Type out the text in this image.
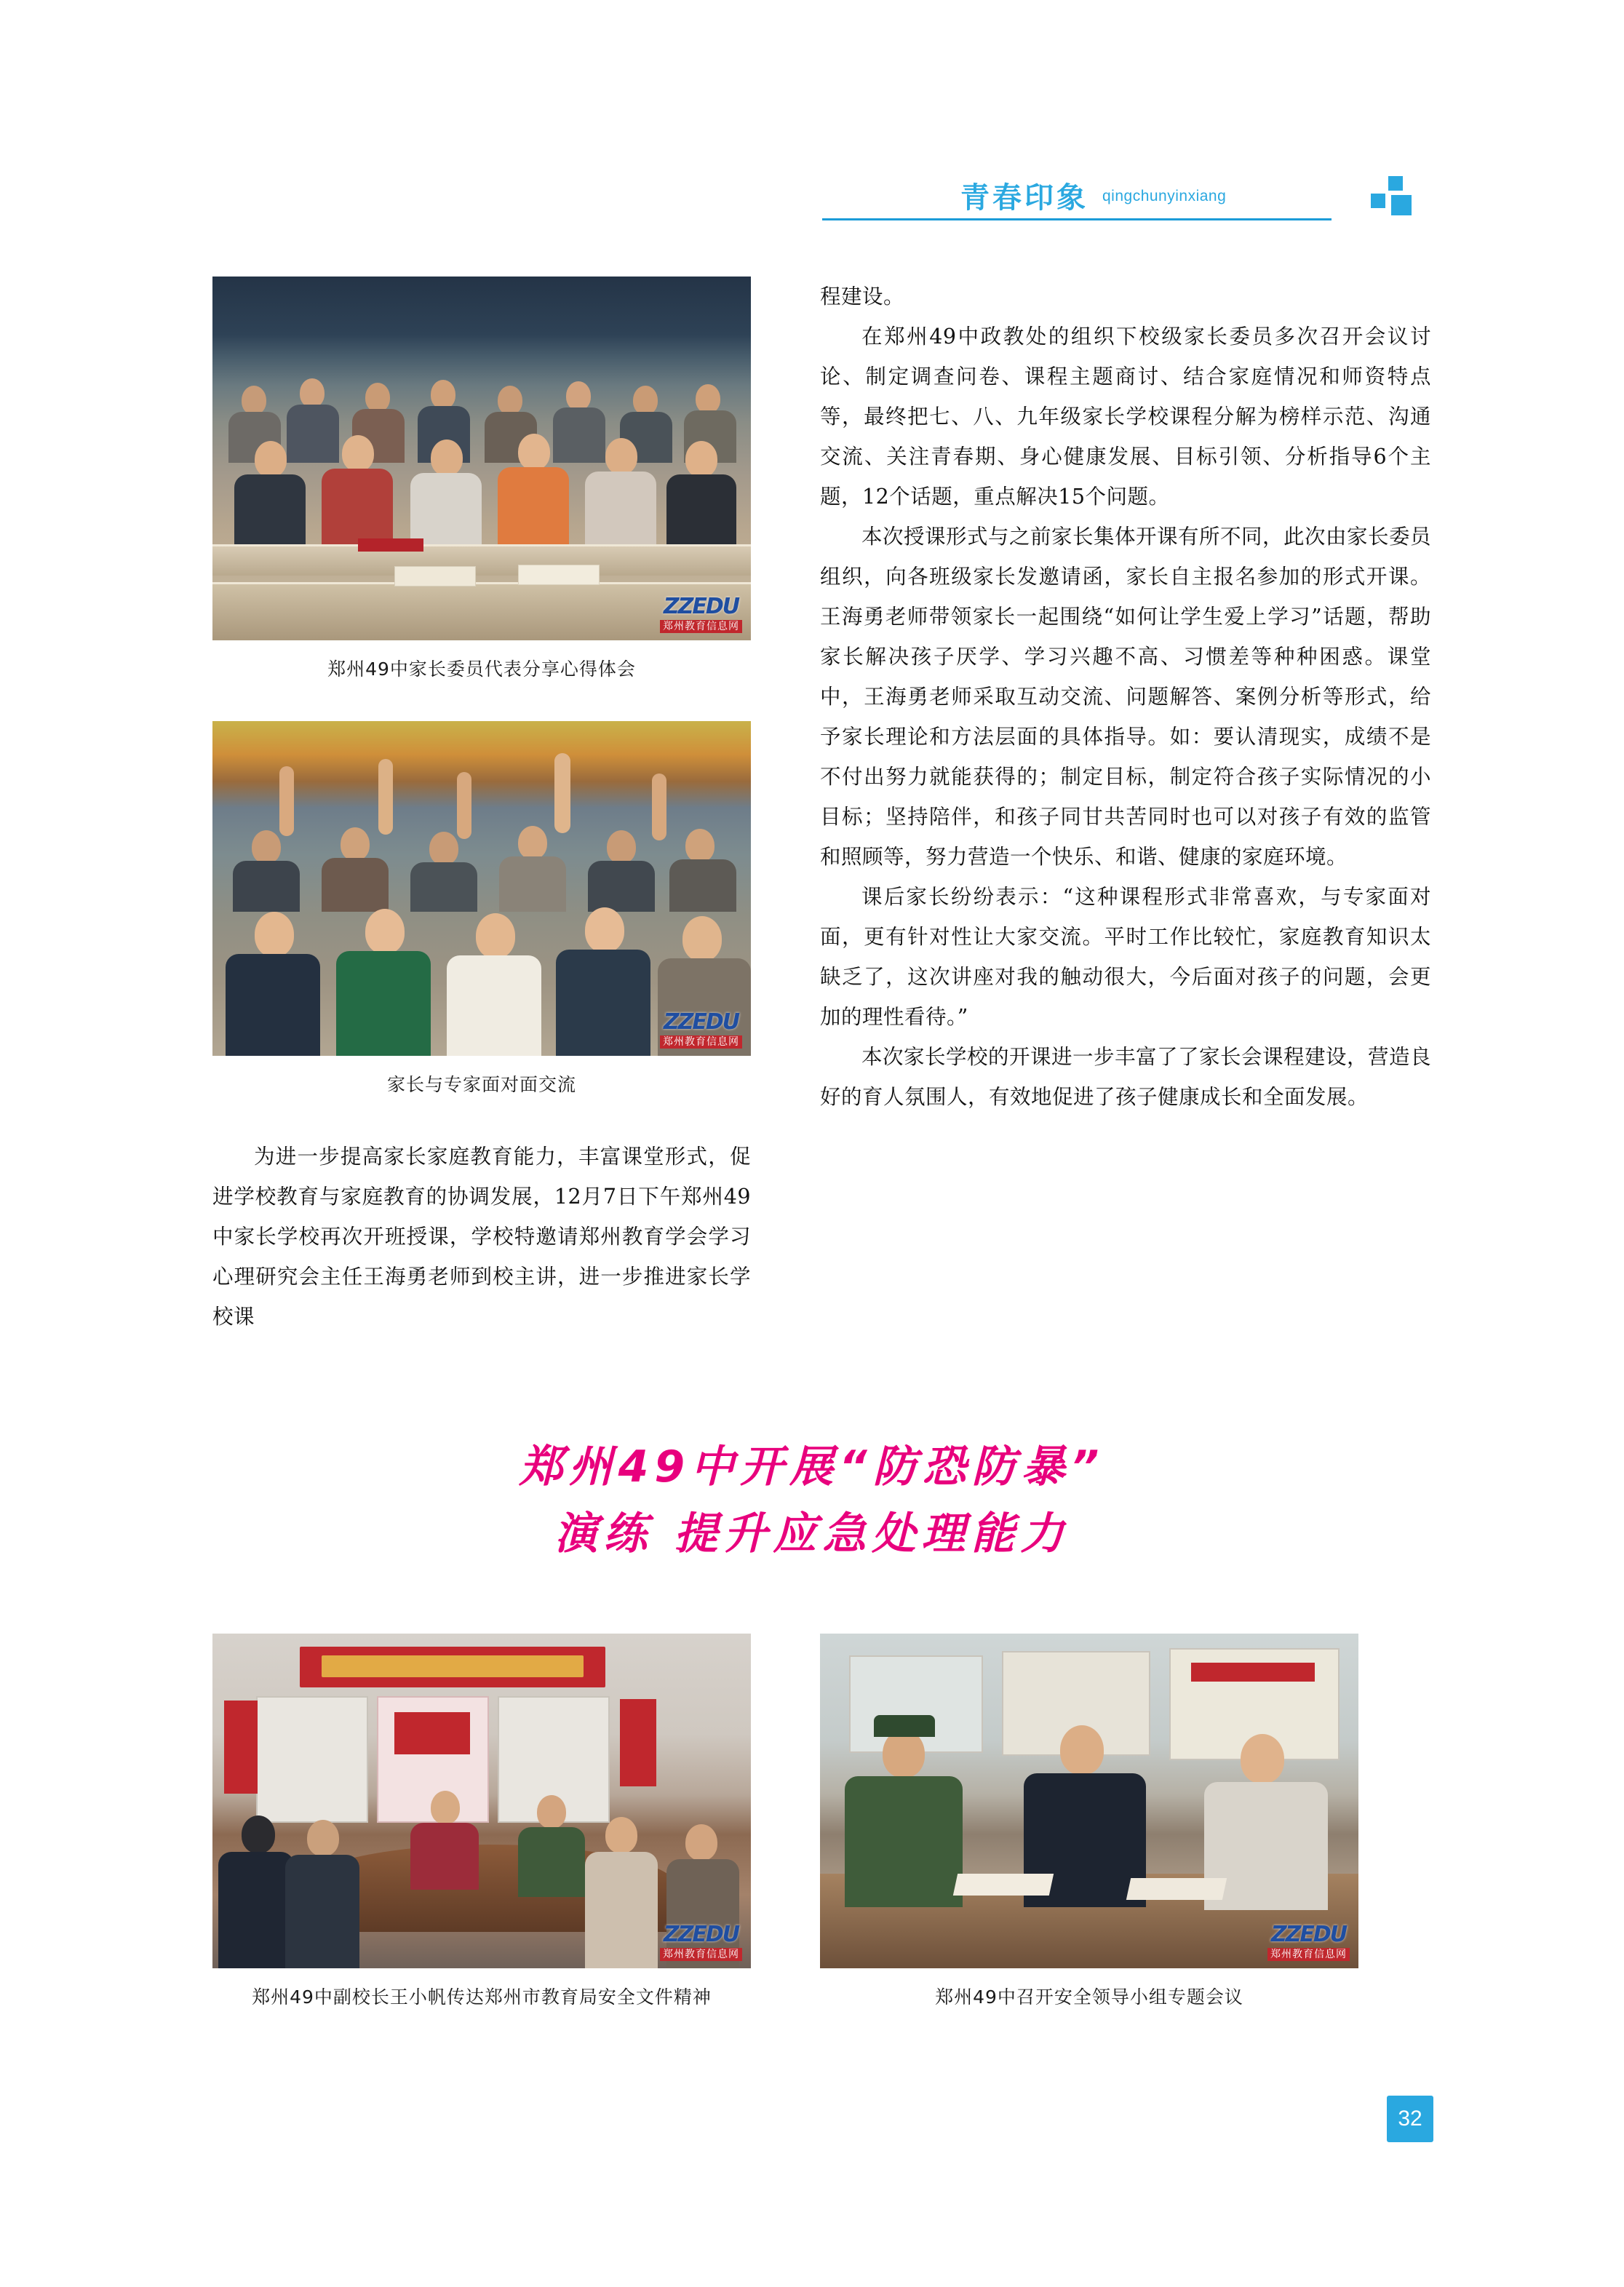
青春印象 qingchunyinxiang
ZZEDU
郑州教育信息网
郑州49中家长委员代表分享心得体会
ZZEDU
郑州教育信息网
家长与专家面对面交流

为进一步提高家长家庭教育能力，丰富课堂形式，促进学校教育与家庭教育的协调发展，12月7日下午郑州49中家长学校再次开班授课，学校特邀请郑州教育学会学习心理研究会主任王海勇老师到校主讲，进一步推进家长学校课

程建设。

在郑州49中政教处的组织下校级家长委员多次召开会议讨论、制定调查问卷、课程主题商讨、结合家庭情况和师资特点等，最终把七、八、九年级家长学校课程分解为榜样示范、沟通交流、关注青春期、身心健康发展、目标引领、分析指导6个主题，12个话题，重点解决15个问题。

本次授课形式与之前家长集体开课有所不同，此次由家长委员组织，向各班级家长发邀请函，家长自主报名参加的形式开课。王海勇老师带领家长一起围绕“如何让学生爱上学习”话题，帮助家长解决孩子厌学、学习兴趣不高、习惯差等种种困惑。课堂中，王海勇老师采取互动交流、问题解答、案例分析等形式，给予家长理论和方法层面的具体指导。如：要认清现实，成绩不是不付出努力就能获得的；制定目标，制定符合孩子实际情况的小目标；坚持陪伴，和孩子同甘共苦同时也可以对孩子有效的监管和照顾等，努力营造一个快乐、和谐、健康的家庭环境。

课后家长纷纷表示：“这种课程形式非常喜欢，与专家面对面，更有针对性让大家交流。平时工作比较忙，家庭教育知识太缺乏了，这次讲座对我的触动很大，今后面对孩子的问题，会更加的理性看待。”

本次家长学校的开课进一步丰富了了家长会课程建设，营造良好的育人氛围人，有效地促进了孩子健康成长和全面发展。

郑州49中开展“防恐防暴”
演练 提升应急处理能力
ZZEDU
郑州教育信息网
郑州49中副校长王小帆传达郑州市教育局安全文件精神
ZZEDU
郑州教育信息网
郑州49中召开安全领导小组专题会议
32
